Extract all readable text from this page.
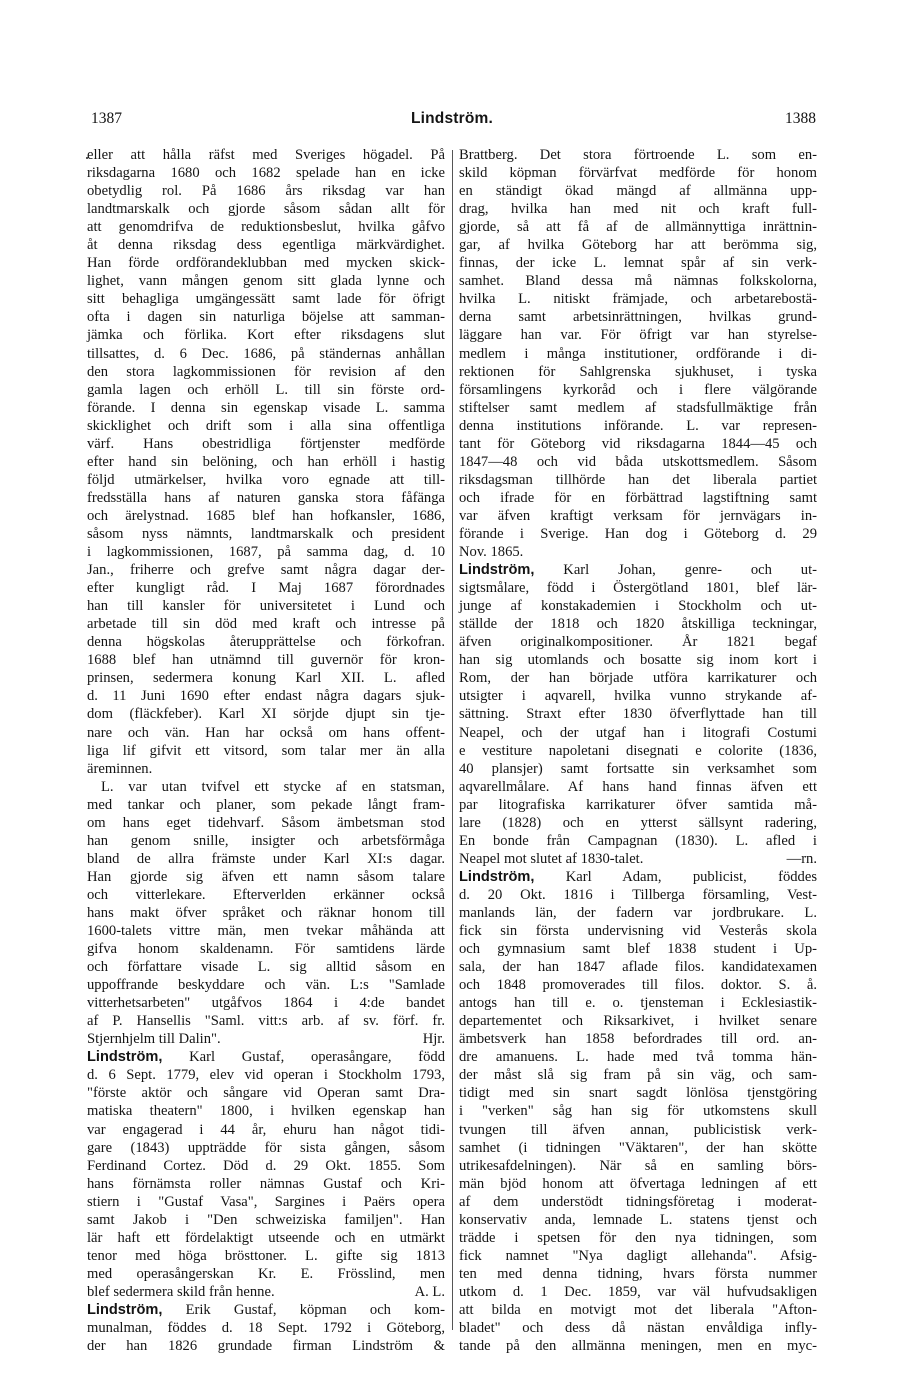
1387	Lindström.	1388
eller att hålla räfst med Sveriges högadel. På
riksdagarna 1680 och 1682 spelade han en icke
obetydlig rol. På 1686 års riksdag var han
landtmarskalk och gjorde såsom sådan allt för
att genomdrifva de reduktionsbeslut, hvilka gåfvo
åt denna riksdag dess egentliga märkvärdighet.
Han förde ordförandeklubban med mycken skick-
lighet, vann mången genom sitt glada lynne och
sitt behagliga umgängessätt samt lade för öfrigt
ofta i dagen sin naturliga böjelse att samman-
jämka och förlika. Kort efter riksdagens slut
tillsattes, d. 6 Dec. 1686, på ständernas anhållan
den stora lagkommissionen för revision af den
gamla lagen och erhöll L. till sin förste ord-
förande. I denna sin egenskap visade L. samma
skicklighet och drift som i alla sina offentliga
värf. Hans obestridliga förtjenster medförde
efter hand sin belöning, och han erhöll i hastig
följd utmärkelser, hvilka voro egnade att till-
fredsställa hans af naturen ganska stora fåfänga
och ärelystnad. 1685 blef han hofkansler, 1686,
såsom nyss nämnts, landtmarskalk och president
i lagkommissionen, 1687, på samma dag, d. 10
Jan., friherre och grefve samt några dagar der-
efter kungligt råd. I Maj 1687 förordnades
han till kansler för universitetet i Lund och
arbetade till sin död med kraft och intresse på
denna högskolas återupprättelse och förkofran.
1688 blef han utnämnd till guvernör för kron-
prinsen, sedermera konung Karl XII. L. afled
d. 11 Juni 1690 efter endast några dagars sjuk-
dom (fläckfeber). Karl XI sörjde djupt sin tje-
nare och vän. Han har också om hans offent-
liga lif gifvit ett vitsord, som talar mer än alla
äreminnen.
L. var utan tvifvel ett stycke af en statsman,
med tankar och planer, som pekade långt fram-
om hans eget tidehvarf. Såsom ämbetsman stod
han genom snille, insigter och arbetsförmåga
bland de allra främste under Karl XI:s dagar.
Han gjorde sig äfven ett namn såsom talare
och vitterlekare. Efterverlden erkänner också
hans makt öfver språket och räknar honom till
1600-talets vittre män, men tvekar måhända att
gifva honom skaldenamn. För samtidens lärde
och författare visade L. sig alltid såsom en
uppoffrande beskyddare och vän. L:s "Samlade
vitterhetsarbeten" utgåfvos 1864 i 4:de bandet
af P. Hansellis "Saml. vitt:s arb. af sv. förf. fr.
Stjernhjelm till Dalin".	Hjr.
Lindström, Karl Gustaf, operasångare, född
d. 6 Sept. 1779, elev vid operan i Stockholm 1793,
"förste aktör och sångare vid Operan samt Dra-
matiska theatern" 1800, i hvilken egenskap han
var engagerad i 44 år, ehuru han något tidi-
gare (1843) uppträdde för sista gången, såsom
Ferdinand Cortez. Död d. 29 Okt. 1855. Som
hans förnämsta roller nämnas Gustaf och Kri-
stiern i "Gustaf Vasa", Sargines i Paërs opera
samt Jakob i "Den schweiziska familjen". Han
lär haft ett fördelaktigt utseende och en utmärkt
tenor med höga brösttoner. L. gifte sig 1813
med operasångerskan Kr. E. Frösslind, men
blef sedermera skild från henne.	A. L.
Lindström, Erik Gustaf, köpman och kom-
munalman, föddes d. 18 Sept. 1792 i Göteborg,
der han 1826 grundade firman Lindström &
Brattberg. Det stora förtroende L. som en-
skild köpman förvärfvat medförde för honom
en ständigt ökad mängd af allmänna upp-
drag, hvilka han med nit och kraft full-
gjorde, så att få af de allmännyttiga inrättnin-
gar, af hvilka Göteborg har att berömma sig,
finnas, der icke L. lemnat spår af sin verk-
samhet. Bland dessa må nämnas folkskolorna,
hvilka L. nitiskt främjade, och arbetarebostä-
derna samt arbetsinrättningen, hvilkas grund-
läggare han var. För öfrigt var han styrelse-
medlem i många institutioner, ordförande i di-
rektionen för Sahlgrenska sjukhuset, i tyska
församlingens kyrkoråd och i flere välgörande
stiftelser samt medlem af stadsfullmäktige från
denna institutions införande. L. var represen-
tant för Göteborg vid riksdagarna 1844—45 och
1847—48 och vid båda utskottsmedlem. Såsom
riksdagsman tillhörde han det liberala partiet
och ifrade för en förbättrad lagstiftning samt
var äfven kraftigt verksam för jernvägars in-
förande i Sverige. Han dog i Göteborg d. 29
Nov. 1865.
Lindström, Karl Johan, genre- och ut-
sigtsmålare, född i Östergötland 1801, blef lär-
junge af konstakademien i Stockholm och ut-
ställde der 1818 och 1820 åtskilliga teckningar,
äfven originalkompositioner. År 1821 begaf
han sig utomlands och bosatte sig inom kort i
Rom, der han började utföra karrikaturer och
utsigter i aqvarell, hvilka vunno strykande af-
sättning. Straxt efter 1830 öfverflyttade han till
Neapel, och der utgaf han i litografi Costumi
e vestiture napoletani disegnati e colorite (1836,
40 plansjer) samt fortsatte sin verksamhet som
aqvarellmålare. Af hans hand finnas äfven ett
par litografiska karrikaturer öfver samtida må-
lare (1828) och en ytterst sällsynt radering,
En bonde från Campagnan (1830). L. afled i
Neapel mot slutet af 1830-talet.	—rn.
Lindström, Karl Adam, publicist, föddes
d. 20 Okt. 1816 i Tillberga församling, Vest-
manlands län, der fadern var jordbrukare. L.
fick sin första undervisning vid Vesterås skola
och gymnasium samt blef 1838 student i Up-
sala, der han 1847 aflade filos. kandidatexamen
och 1848 promoverades till filos. doktor. S. å.
antogs han till e. o. tjensteman i Ecklesiastik-
departementet och Riksarkivet, i hvilket senare
ämbetsverk han 1858 befordrades till ord. an-
dre amanuens. L. hade med två tomma hän-
der måst slå sig fram på sin väg, och sam-
tidigt med sin snart sagdt lönlösa tjenstgöring
i "verken" såg han sig för utkomstens skull
tvungen till äfven annan, publicistisk verk-
samhet (i tidningen "Väktaren", der han skötte
utrikesafdelningen). När så en samling börs-
män bjöd honom att öfvertaga ledningen af ett
af dem understödt tidningsföretag i moderat-
konservativ anda, lemnade L. statens tjenst och
trädde i spetsen för den nya tidningen, som
fick namnet "Nya dagligt allehanda". Afsig-
ten med denna tidning, hvars första nummer
utkom d. 1 Dec. 1859, var väl hufvudsakligen
att bilda en motvigt mot det liberala "Afton-
bladet" och dess då nästan envåldiga infly-
tande på den allmänna meningen, men en myc-
